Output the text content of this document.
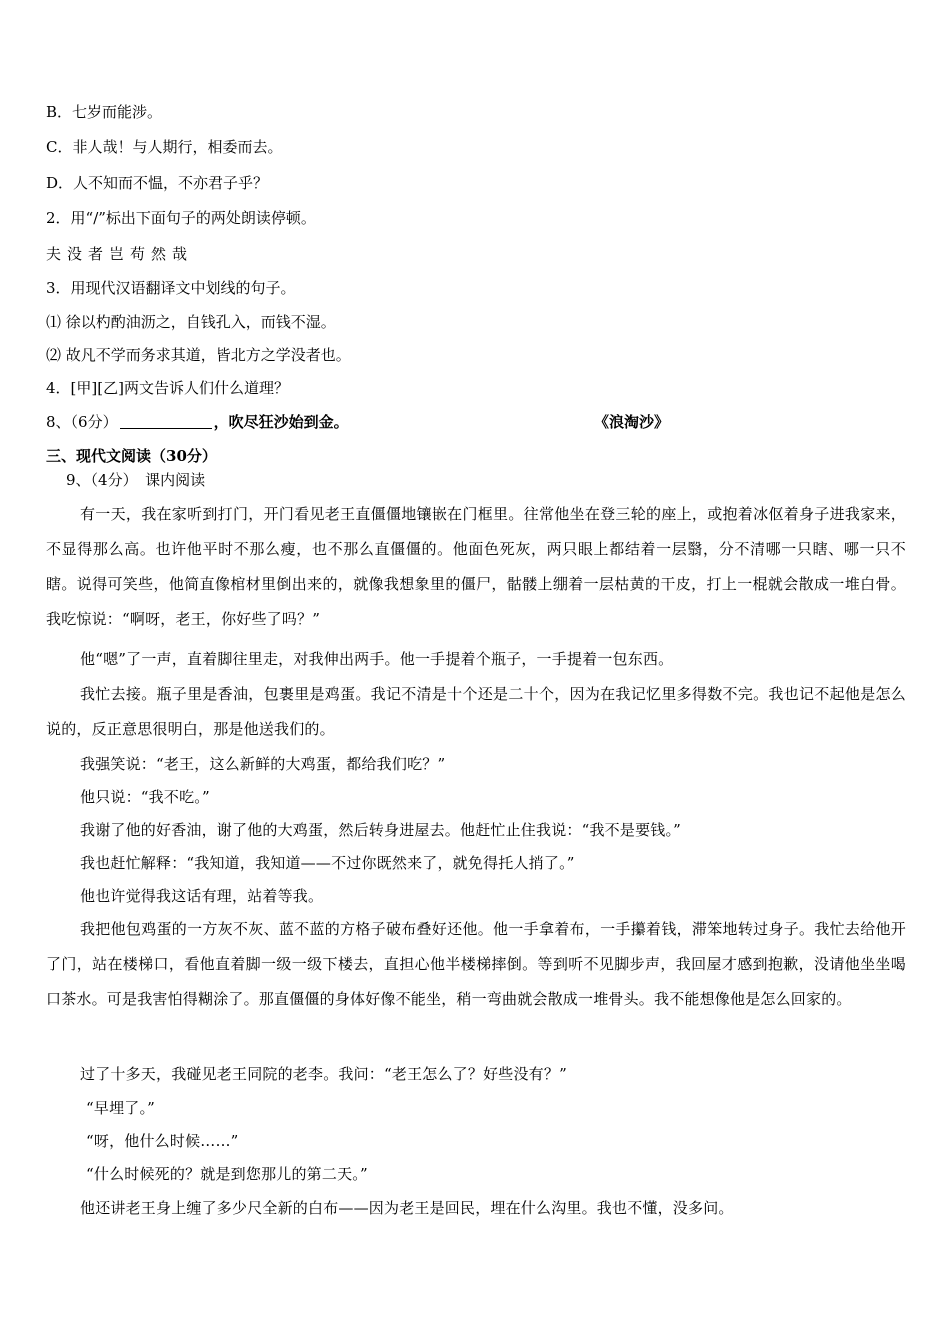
B．七岁而能涉。
C．非人哉！与人期行，相委而去。
D．人不知而不愠，不亦君子乎？
2．用“/”标出下面句子的两处朗读停顿。
夫没者岂苟然哉
3．用现代汉语翻译文中划线的句子。
⑴ 徐以杓酌油沥之，自钱孔入，而钱不湿。
⑵ 故凡不学而务求其道，皆北方之学没者也。
4．[甲][乙]两文告诉人们什么道理？
8、（6分）	，吹尽狂沙始到金。	《浪淘沙》
三、现代文阅读（30分）
9、（4分）　课内阅读
有一天，我在家听到打门，开门看见老王直僵僵地镶嵌在门框里。往常他坐在登三轮的座上，或抱着冰伛着身子进我家来，不显得那么高。也许他平时不那么瘦，也不那么直僵僵的。他面色死灰，两只眼上都结着一层翳，分不清哪一只瞎、哪一只不瞎。说得可笑些，他简直像棺材里倒出来的，就像我想象里的僵尸，骷髅上绷着一层枯黄的干皮，打上一棍就会散成一堆白骨。我吃惊说：“啊呀，老王，你好些了吗？”
他“嗯”了一声，直着脚往里走，对我伸出两手。他一手提着个瓶子，一手提着一包东西。
我忙去接。瓶子里是香油，包裹里是鸡蛋。我记不清是十个还是二十个，因为在我记忆里多得数不完。我也记不起他是怎么说的，反正意思很明白，那是他送我们的。
我强笑说：“老王，这么新鲜的大鸡蛋，都给我们吃？”
他只说：“我不吃。”
我谢了他的好香油，谢了他的大鸡蛋，然后转身进屋去。他赶忙止住我说：“我不是要钱。”
我也赶忙解释：“我知道，我知道——不过你既然来了，就免得托人捎了。”
他也许觉得我这话有理，站着等我。
我把他包鸡蛋的一方灰不灰、蓝不蓝的方格子破布叠好还他。他一手拿着布，一手攥着钱，滞笨地转过身子。我忙去给他开了门，站在楼梯口，看他直着脚一级一级下楼去，直担心他半楼梯摔倒。等到听不见脚步声，我回屋才感到抱歉，没请他坐坐喝口茶水。可是我害怕得糊涂了。那直僵僵的身体好像不能坐，稍一弯曲就会散成一堆骨头。我不能想像他是怎么回家的。
过了十多天，我碰见老王同院的老李。我问：“老王怎么了？好些没有？”
“早埋了。”
“呀，他什么时候……”
“什么时候死的？就是到您那儿的第二天。”
他还讲老王身上缠了多少尺全新的白布——因为老王是回民，埋在什么沟里。我也不懂，没多问。
